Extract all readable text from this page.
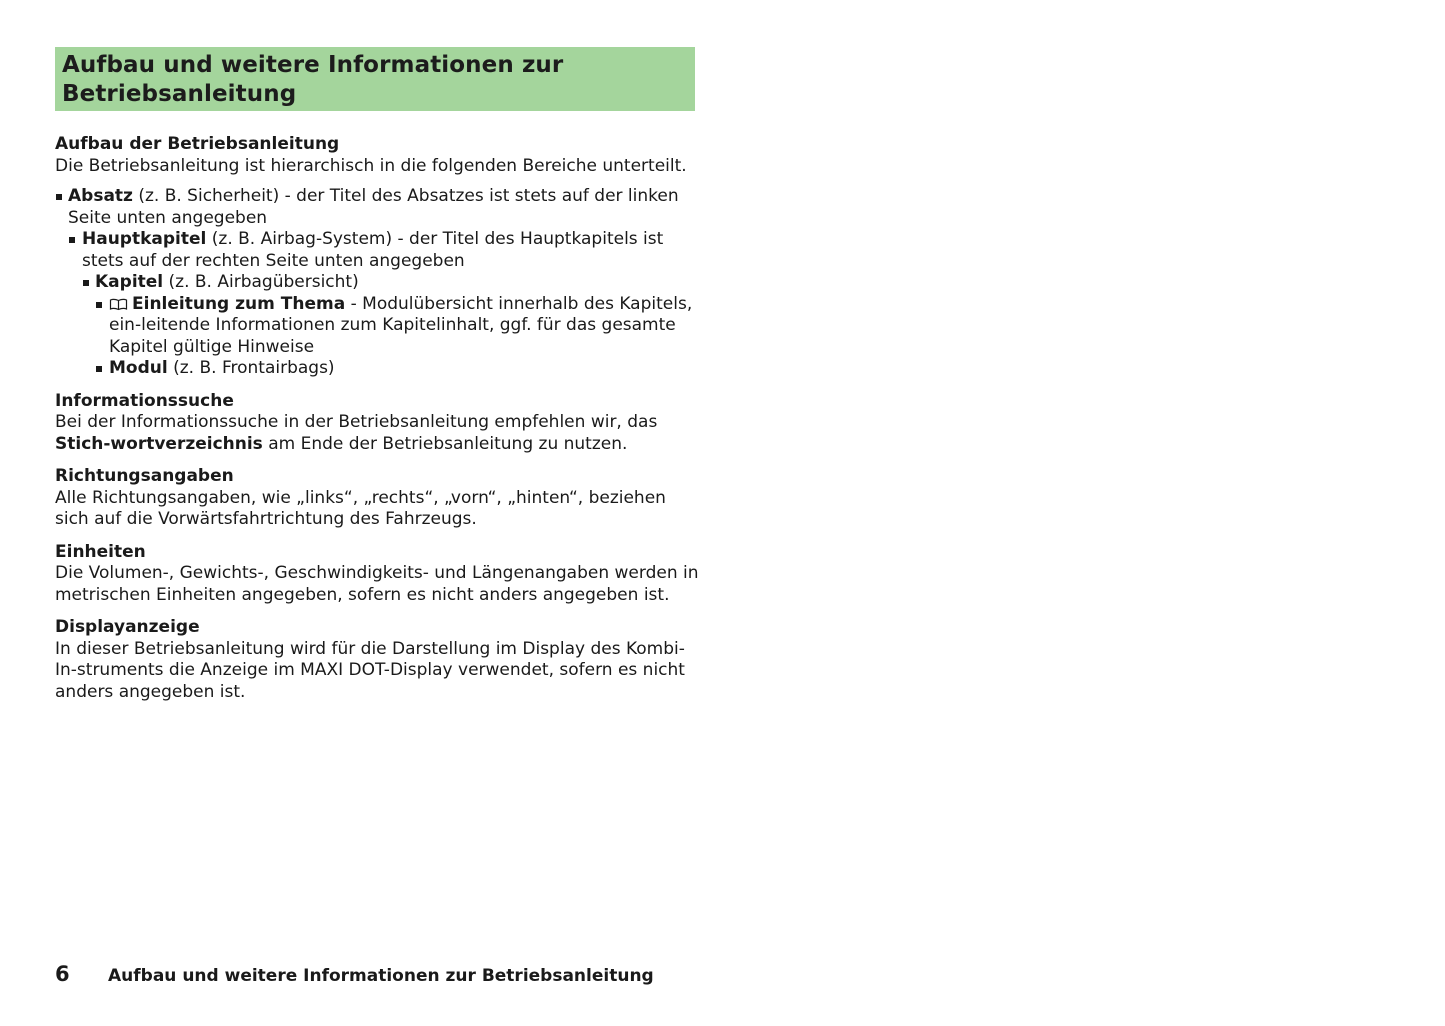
Aufbau und weitere Informationen zur
Betriebsanleitung
Aufbau der Betriebsanleitung

Die Betriebsanleitung ist hierarchisch in die folgenden Bereiche unterteilt.

Absatz (z. B. Sicherheit) - der Titel des Absatzes ist stets auf der linken Seite unten angegeben
Hauptkapitel (z. B. Airbag-System) - der Titel des Hauptkapitels ist stets auf der rechten Seite unten angegeben
Kapitel (z. B. Airbagübersicht)
Einleitung zum Thema - Modulübersicht innerhalb des Kapitels, ein-leitende Informationen zum Kapitelinhalt, ggf. für das gesamte Kapitel gültige Hinweise
Modul (z. B. Frontairbags)
Informationssuche

Bei der Informationssuche in der Betriebsanleitung empfehlen wir, das Stich-wortverzeichnis am Ende der Betriebsanleitung zu nutzen.

Richtungsangaben

Alle Richtungsangaben, wie „links“, „rechts“, „vorn“, „hinten“, beziehen sich auf die Vorwärtsfahrtrichtung des Fahrzeugs.

Einheiten

Die Volumen-, Gewichts-, Geschwindigkeits- und Längenangaben werden in metrischen Einheiten angegeben, sofern es nicht anders angegeben ist.

Displayanzeige

In dieser Betriebsanleitung wird für die Darstellung im Display des Kombi-In-struments die Anzeige im MAXI DOT-Display verwendet, sofern es nicht anders angegeben ist.

6 Aufbau und weitere Informationen zur Betriebsanleitung
